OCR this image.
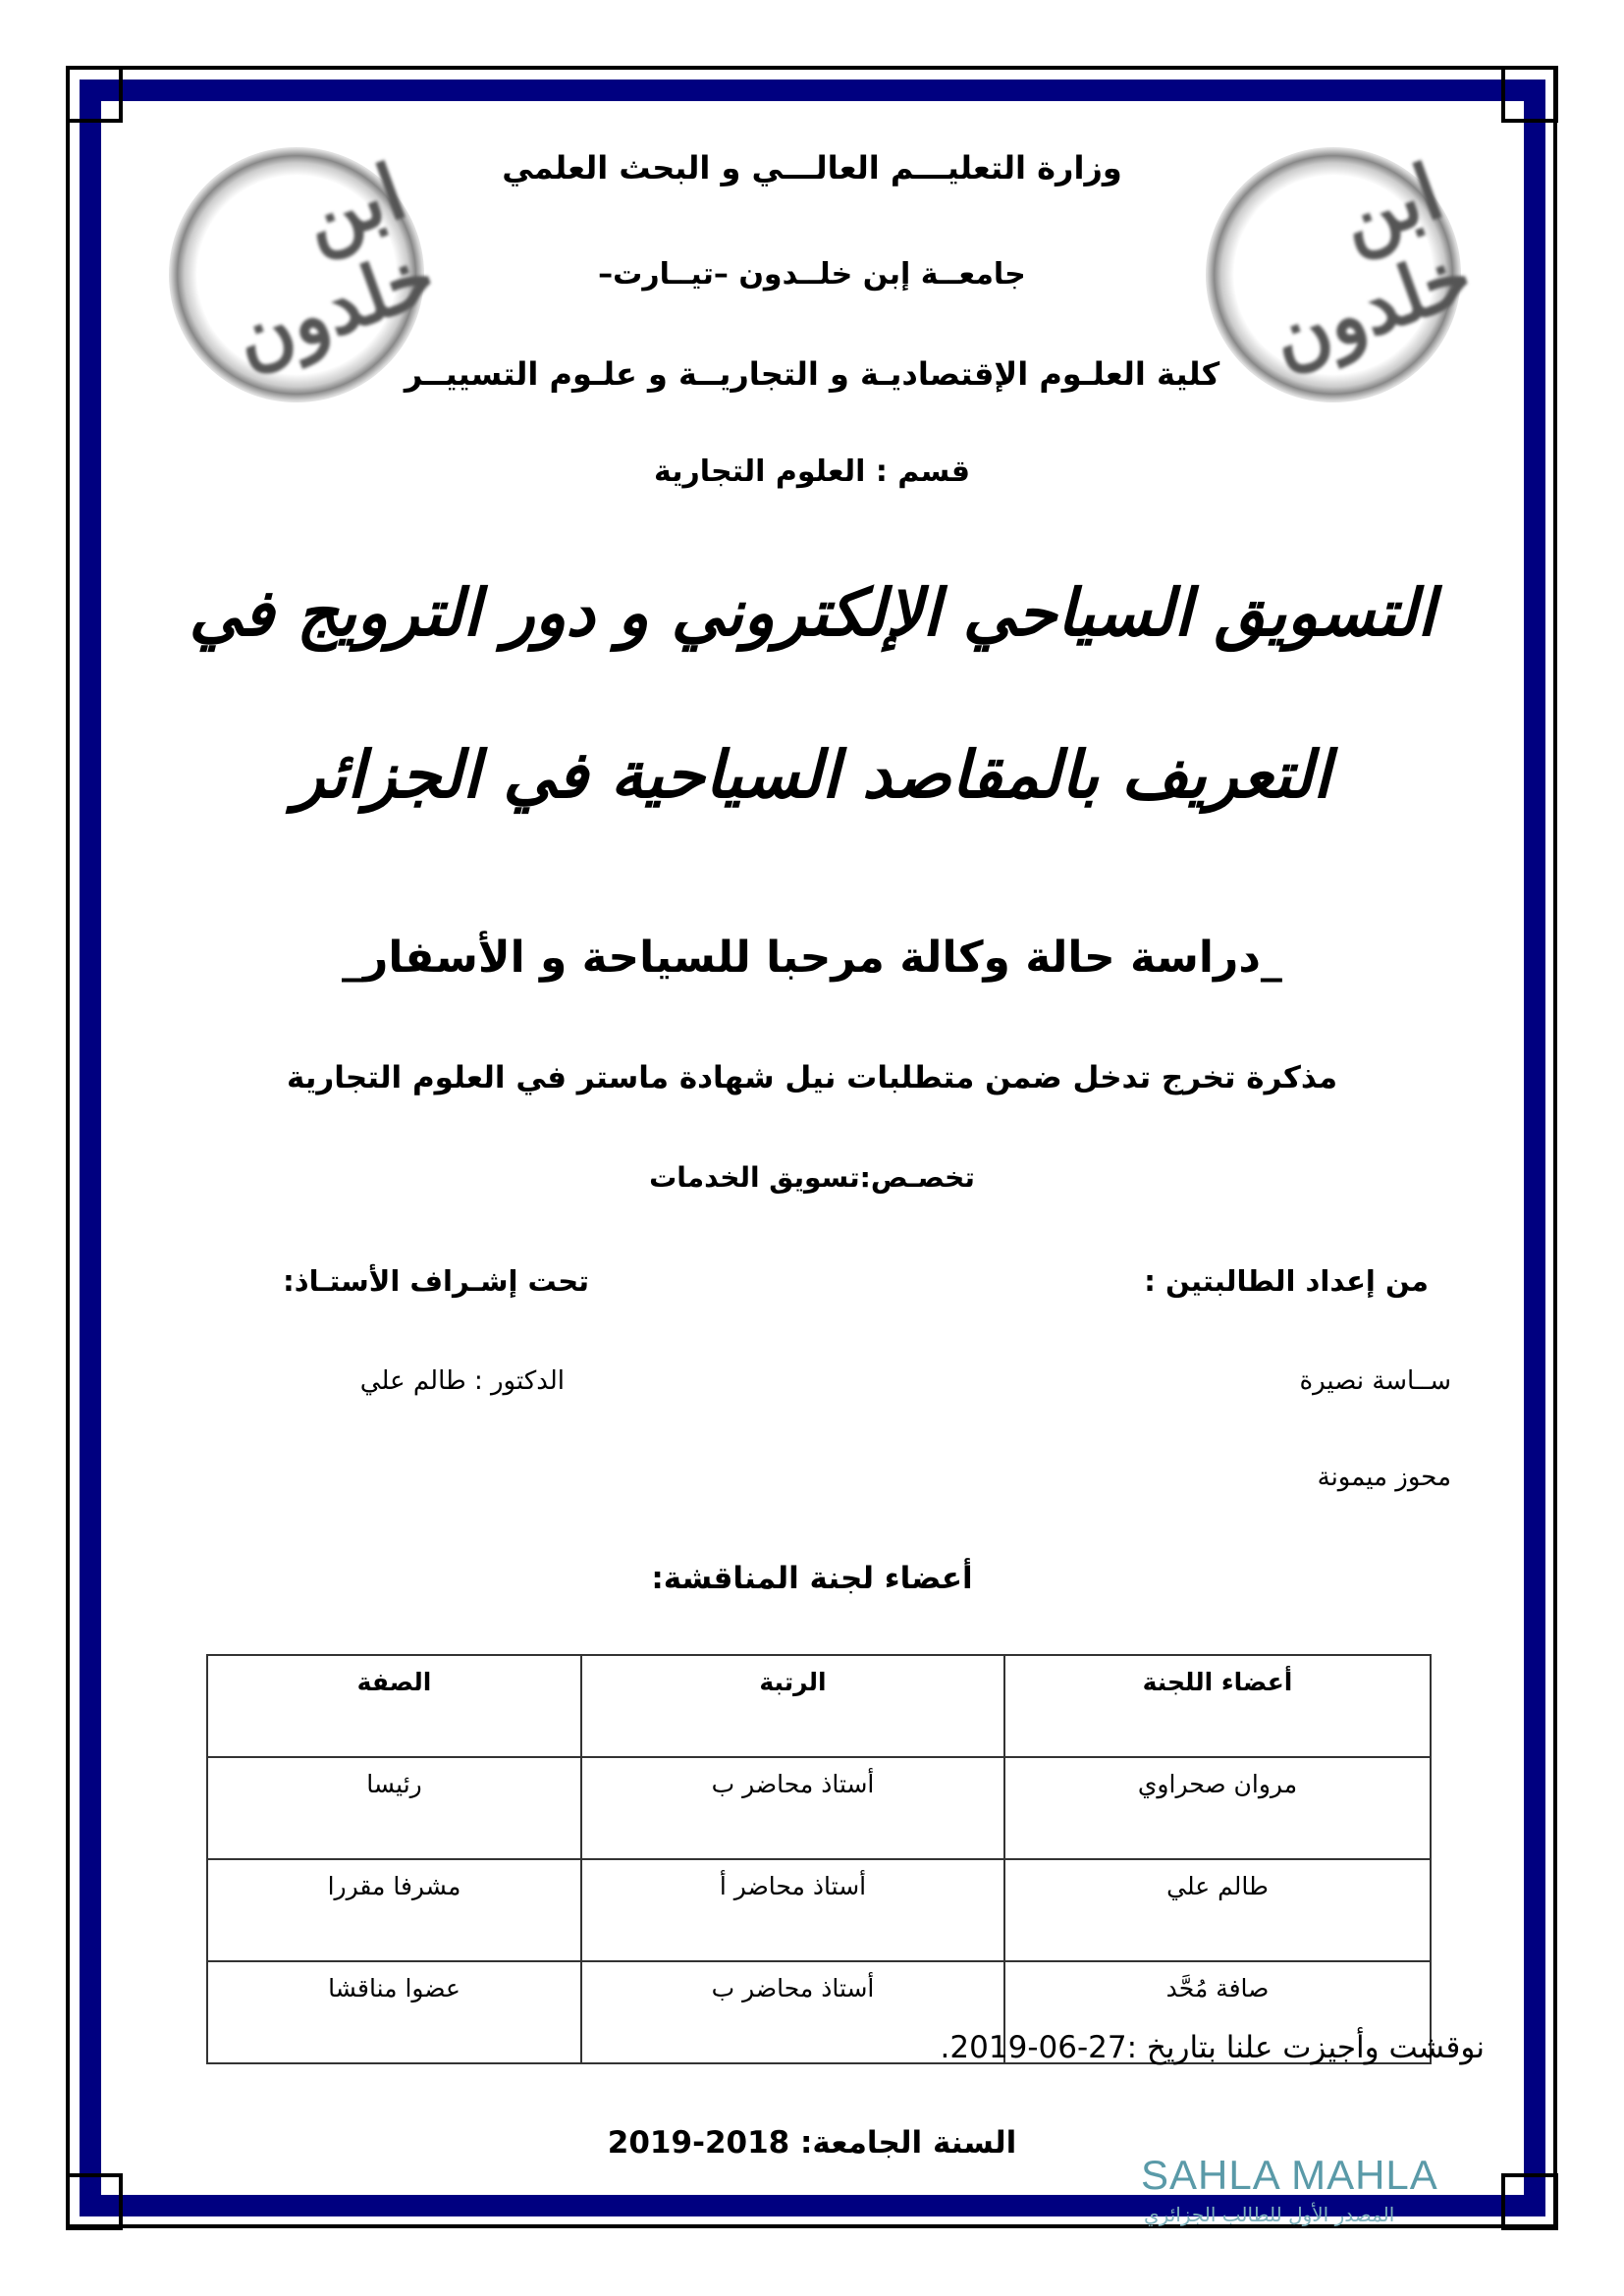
ابن خلدون
ابن خلدون
وزارة التعليـــم العالـــي و البحث العلمي
جامعــة إبن خلــدون –تيــارت–
كلية العلـوم الإقتصاديـة و التجاريــة و علـوم التسييــر
قسم : العلوم التجارية
التسويق السياحي الإلكتروني و دور الترويج في
التعريف بالمقاصد السياحية في الجزائر
_دراسة حالة وكالة مرحبا للسياحة و الأسفار_
مذكرة تخرج تدخل ضمن متطلبات نيل شهادة ماستر في العلوم التجارية
تخصـص:تسويق الخدمات
من إعداد الطالبتين :
تحت إشـراف الأستـاذ:
ســاسة نصيرة
الدكتور : طالم علي
محوز ميمونة
أعضاء لجنة المناقشة:
أعضاء اللجنة	الرتبة	الصفة
مروان صحراوي	أستاذ محاضر ب	رئيسا
طالم علي	أستاذ محاضر أ	مشرفا مقررا
صافة مُحَّد	أستاذ محاضر ب	عضوا مناقشا
نوقشت وأجيزت علنا بتاريخ :27-06-2019.
السنة الجامعة: 2018-2019
SAHLA MAHLA
المصدر الأول للطالب الجزائري
